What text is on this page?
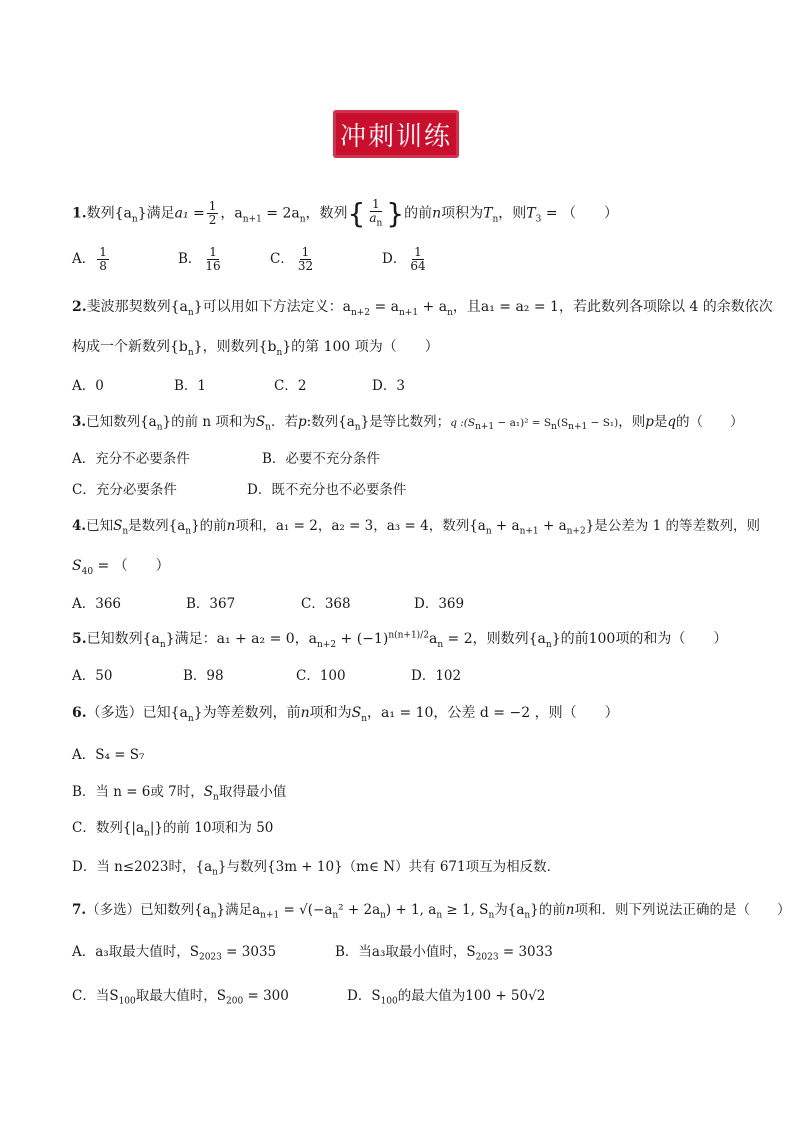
冲刺训练
1.数列$\{a_n\}$满足$a_1 = \frac{1}{2}$ ，$a_{n+1} = 2a_n$，数列{ $\frac{1}{a_n}$ }的前n项积为$T_n$，则$T_3$ = （　　）
A． $\frac{1}{8}$	B． $\frac{1}{16}$	C． $\frac{1}{32}$	D． $\frac{1}{64}$
2.斐波那契数列$\{a_n\}$可以用如下方法定义：$a_{n+2} = a_{n+1} + a_n$，且a₁ = a₂ = 1，若此数列各项除以 4 的余数依次
构成一个新数列$\{b_n\}$，则数列$\{b_n\}$的第 100 项为（　　）
A．0	B．1	C．2	D．3
3.已知数列$\{a_n\}$的前 n 项和为$S_n$．若p:数列$\{a_n\}$是等比数列；q $:(S_{n+1} - a_1)^2 = S_n(S_{n+1} - S_1)$，则p是q的（　　）
A．充分不必要条件	B．必要不充分条件
C．充分必要条件	D．既不充分也不必要条件
4.已知$S_n$是数列$\{a_n\}$的前n项和，a₁ = 2，a₂ = 3，a₃ = 4，数列$\{a_n + a_{n+1} + a_{n+2}\}$是公差为 1 的等差数列，则
$S_{40}$ = （　　）
A．366	B．367	C．368	D．369
5.已知数列$\{a_n\}$满足：a₁ + a₂ = 0，$a_{n+2} + (-1)^{n(n+1)/2}a_n = 2$，则数列$\{a_n\}$的前100项的和为（　　）
A．50	B．98	C．100	D．102
6.（多选）已知$\{a_n\}$为等差数列，前n项和为$S_n$，a₁ = 10，公差 d = −2 ，则（　　）
A．S₄ = S₇
B．当 n = 6或 7时，$S_n$取得最小值
C．数列$\{|a_n|\}$的前 10项和为 50
D．当 n≤2023时，$\{a_n\}$与数列{3m + 10}（m∈ N）共有 671项互为相反数．
7.（多选）已知数列$\{a_n\}$满足$a_{n+1} = √(-a_n^2 + 2a_n) + 1$, $a_n \ge 1$, $S_n$为$\{a_n\}$的前n项和．则下列说法正确的是（　　）
A．a₃取最大值时，$S_{2023} = 3035$	B．当a₃取最小值时，$S_{2023} = 3033$
C．当$S_{100}$取最大值时，$S_{200} = 300$	D．$S_{100}$的最大值为100 + 50√2
